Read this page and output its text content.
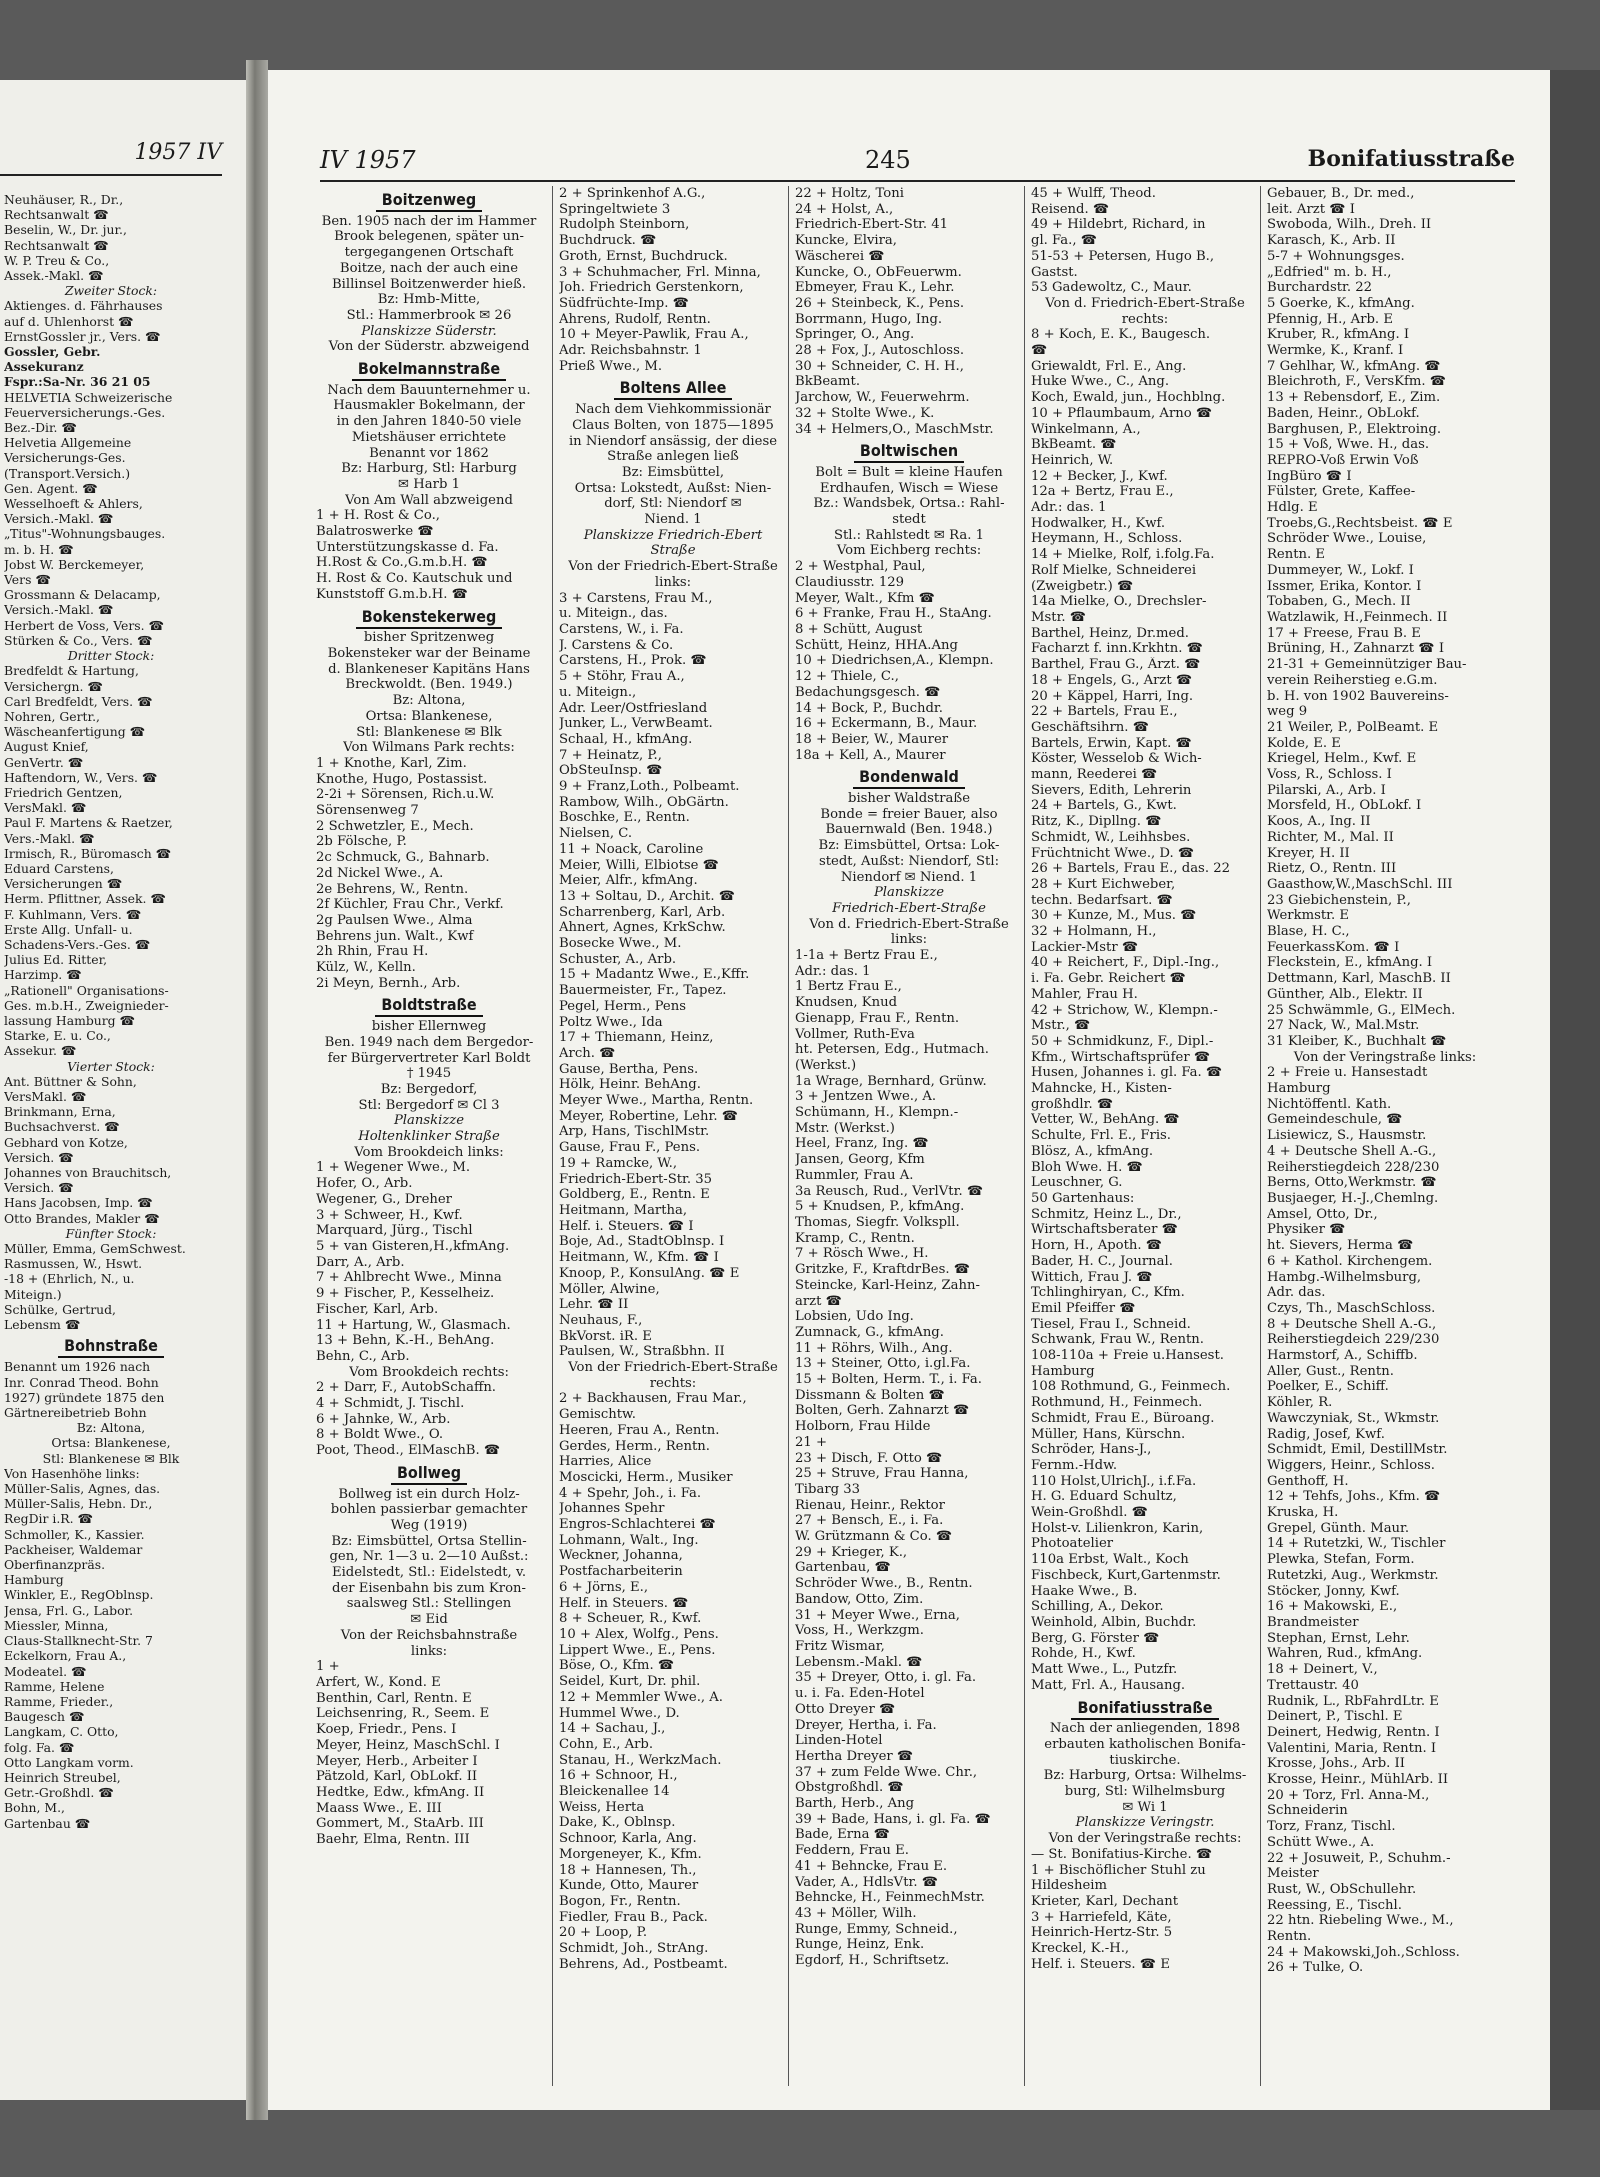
1957 IV
Neuhäuser, R., Dr.,
Rechtsanwalt ☎
Beselin, W., Dr. jur.,
Rechtsanwalt ☎
W. P. Treu & Co.,
Assek.-Makl. ☎
Zweiter Stock:
Aktienges. d. Fährhauses
auf d. Uhlenhorst ☎
ErnstGossler jr., Vers. ☎
Gossler, Gebr.
Assekuranz
Fspr.:Sa-Nr. 36 21 05
HELVETIA Schweizerische
Feuerversicherungs.-Ges.
Bez.-Dir. ☎
Helvetia Allgemeine
Versicherungs-Ges.
(Transport.Versich.)
Gen. Agent. ☎
Wesselhoeft & Ahlers,
Versich.-Makl. ☎
„Titus"-Wohnungsbauges.
m. b. H. ☎
Jobst W. Berckemeyer,
Vers ☎
Grossmann & Delacamp,
Versich.-Makl. ☎
Herbert de Voss, Vers. ☎
Stürken & Co., Vers. ☎
Dritter Stock:
Bredfeldt & Hartung,
Versichergn. ☎
Carl Bredfeldt, Vers. ☎
Nohren, Gertr.,
Wäscheanfertigung ☎
August Knief,
GenVertr. ☎
Haftendorn, W., Vers. ☎
Friedrich Gentzen,
VersMakl. ☎
Paul F. Martens & Raetzer,
Vers.-Makl. ☎
Irmisch, R., Büromasch ☎
Eduard Carstens,
Versicherungen ☎
Herm. Pflittner, Assek. ☎
F. Kuhlmann, Vers. ☎
Erste Allg. Unfall- u.
Schadens-Vers.-Ges. ☎
Julius Ed. Ritter,
Harzimp. ☎
„Rationell" Organisations-
Ges. m.b.H., Zweignieder-
lassung Hamburg ☎
Starke, E. u. Co.,
Assekur. ☎
Vierter Stock:
Ant. Büttner & Sohn,
VersMakl. ☎
Brinkmann, Erna,
Buchsachverst. ☎
Gebhard von Kotze,
Versich. ☎
Johannes von Brauchitsch,
Versich. ☎
Hans Jacobsen, Imp. ☎
Otto Brandes, Makler ☎
Fünfter Stock:
Müller, Emma, GemSchwest.
Rasmussen, W., Hswt.
-18 + (Ehrlich, N., u.
Miteign.)
Schülke, Gertrud,
Lebensm ☎
Bohnstraße
Benannt um 1926 nach
Inr. Conrad Theod. Bohn
1927) gründete 1875 den
Gärtnereibetrieb Bohn
Bz: Altona,
Ortsa: Blankenese,
Stl: Blankenese ✉ Blk
Von Hasenhöhe links:
Müller-Salis, Agnes, das.
Müller-Salis, Hebn. Dr.,
RegDir i.R. ☎
Schmoller, K., Kassier.
Packheiser, Waldemar
Oberfinanzpräs.
Hamburg
Winkler, E., RegOblnsp.
Jensa, Frl. G., Labor.
Miessler, Minna,
Claus-Stallknecht-Str. 7
Eckelkorn, Frau A.,
Modeatel. ☎
Ramme, Helene
Ramme, Frieder.,
Baugesch ☎
Langkam, C. Otto,
folg. Fa. ☎
Otto Langkam vorm.
Heinrich Streubel,
Getr.-Großhdl. ☎
Bohn, M.,
Gartenbau ☎
IV 1957	245	Bonifatiusstraße
Boitzenweg
Ben. 1905 nach der im Hammer
Brook belegenen, später un-
tergegangenen Ortschaft
Boitze, nach der auch eine
Billinsel Boitzenwerder hieß.
Bz: Hmb-Mitte,
Stl.: Hammerbrook ✉ 26
Planskizze Süderstr.
Von der Süderstr. abzweigend
Bokelmannstraße
Nach dem Bauunternehmer u.
Hausmakler Bokelmann, der
in den Jahren 1840-50 viele
Mietshäuser errichtete
Benannt vor 1862
Bz: Harburg, Stl: Harburg
✉ Harb 1
Von Am Wall abzweigend
1 + H. Rost & Co.,
Balatroswerke ☎
Unterstützungskasse d. Fa.
H.Rost & Co.,G.m.b.H. ☎
H. Rost & Co. Kautschuk und
Kunststoff G.m.b.H. ☎
Bokenstekerweg
bisher Spritzenweg
Bokensteker war der Beiname
d. Blankeneser Kapitäns Hans
Breckwoldt. (Ben. 1949.)
Bz: Altona,
Ortsa: Blankenese,
Stl: Blankenese ✉ Blk
Von Wilmans Park rechts:
1 + Knothe, Karl, Zim.
Knothe, Hugo, Postassist.
2-2i + Sörensen, Rich.u.W.
Sörensenweg 7
2 Schwetzler, E., Mech.
2b Fölsche, P.
2c Schmuck, G., Bahnarb.
2d Nickel Wwe., A.
2e Behrens, W., Rentn.
2f Küchler, Frau Chr., Verkf.
2g Paulsen Wwe., Alma
Behrens jun. Walt., Kwf
2h Rhin, Frau H.
Külz, W., Kelln.
2i Meyn, Bernh., Arb.
Boldtstraße
bisher Ellernweg
Ben. 1949 nach dem Bergedor-
fer Bürgervertreter Karl Boldt
† 1945
Bz: Bergedorf,
Stl: Bergedorf ✉ Cl 3
Planskizze
Holtenklinker Straße
Vom Brookdeich links:
1 + Wegener Wwe., M.
Hofer, O., Arb.
Wegener, G., Dreher
3 + Schweer, H., Kwf.
Marquard, Jürg., Tischl
5 + van Gisteren,H.,kfmAng.
Darr, A., Arb.
7 + Ahlbrecht Wwe., Minna
9 + Fischer, P., Kesselheiz.
Fischer, Karl, Arb.
11 + Hartung, W., Glasmach.
13 + Behn, K.-H., BehAng.
Behn, C., Arb.
Vom Brookdeich rechts:
2 + Darr, F., AutobSchaffn.
4 + Schmidt, J. Tischl.
6 + Jahnke, W., Arb.
8 + Boldt Wwe., O.
Poot, Theod., ElMaschB. ☎
Bollweg
Bollweg ist ein durch Holz-
bohlen passierbar gemachter
Weg (1919)
Bz: Eimsbüttel, Ortsa Stellin-
gen, Nr. 1—3 u. 2—10 Außst.:
Eidelstedt, Stl.: Eidelstedt, v.
der Eisenbahn bis zum Kron-
saalsweg Stl.: Stellingen
✉ Eid
Von der Reichsbahnstraße
links:
1 +
Arfert, W., Kond. E
Benthin, Carl, Rentn. E
Leichsenring, R., Seem. E
Koep, Friedr., Pens. I
Meyer, Heinz, MaschSchl. I
Meyer, Herb., Arbeiter I
Pätzold, Karl, ObLokf. II
Hedtke, Edw., kfmAng. II
Maass Wwe., E. III
Gommert, M., StaArb. III
Baehr, Elma, Rentn. III
2 + Sprinkenhof A.G.,
Springeltwiete 3
Rudolph Steinborn,
Buchdruck. ☎
Groth, Ernst, Buchdruck.
3 + Schuhmacher, Frl. Minna,
Joh. Friedrich Gerstenkorn,
Südfrüchte-Imp. ☎
Ahrens, Rudolf, Rentn.
10 + Meyer-Pawlik, Frau A.,
Adr. Reichsbahnstr. 1
Prieß Wwe., M.
Boltens Allee
Nach dem Viehkommissionär
Claus Bolten, von 1875—1895
in Niendorf ansässig, der diese
Straße anlegen ließ
Bz: Eimsbüttel,
Ortsa: Lokstedt, Außst: Nien-
dorf, Stl: Niendorf ✉
Niend. 1
Planskizze Friedrich-Ebert
Straße
Von der Friedrich-Ebert-Straße
links:
3 + Carstens, Frau M.,
u. Miteign., das.
Carstens, W., i. Fa.
J. Carstens & Co.
Carstens, H., Prok. ☎
5 + Stöhr, Frau A.,
u. Miteign.,
Adr. Leer/Ostfriesland
Junker, L., VerwBeamt.
Schaal, H., kfmAng.
7 + Heinatz, P.,
ObSteuInsp. ☎
9 + Franz,Loth., Polbeamt.
Rambow, Wilh., ObGärtn.
Boschke, E., Rentn.
Nielsen, C.
11 + Noack, Caroline
Meier, Willi, Elbiotse ☎
Meier, Alfr., kfmAng.
13 + Soltau, D., Archit. ☎
Scharrenberg, Karl, Arb.
Ahnert, Agnes, KrkSchw.
Bosecke Wwe., M.
Schuster, A., Arb.
15 + Madantz Wwe., E.,Kffr.
Bauermeister, Fr., Tapez.
Pegel, Herm., Pens
Poltz Wwe., Ida
17 + Thiemann, Heinz,
Arch. ☎
Gause, Bertha, Pens.
Hölk, Heinr. BehAng.
Meyer Wwe., Martha, Rentn.
Meyer, Robertine, Lehr. ☎
Arp, Hans, TischlMstr.
Gause, Frau F., Pens.
19 + Ramcke, W.,
Friedrich-Ebert-Str. 35
Goldberg, E., Rentn. E
Heitmann, Martha,
Helf. i. Steuers. ☎ I
Boje, Ad., StadtOblnsp. I
Heitmann, W., Kfm. ☎ I
Knoop, P., KonsulAng. ☎ E
Möller, Alwine,
Lehr. ☎ II
Neuhaus, F.,
BkVorst. iR. E
Paulsen, W., Straßbhn. II
Von der Friedrich-Ebert-Straße
rechts:
2 + Backhausen, Frau Mar.,
Gemischtw.
Heeren, Frau A., Rentn.
Gerdes, Herm., Rentn.
Harries, Alice
Moscicki, Herm., Musiker
4 + Spehr, Joh., i. Fa.
Johannes Spehr
Engros-Schlachterei ☎
Lohmann, Walt., Ing.
Weckner, Johanna,
Postfacharbeiterin
6 + Jörns, E.,
Helf. in Steuers. ☎
8 + Scheuer, R., Kwf.
10 + Alex, Wolfg., Pens.
Lippert Wwe., E., Pens.
Böse, O., Kfm. ☎
Seidel, Kurt, Dr. phil.
12 + Memmler Wwe., A.
Hummel Wwe., D.
14 + Sachau, J.,
Cohn, E., Arb.
Stanau, H., WerkzMach.
16 + Schnoor, H.,
Bleickenallee 14
Weiss, Herta
Dake, K., Oblnsp.
Schnoor, Karla, Ang.
Morgeneyer, K., Kfm.
18 + Hannesen, Th.,
Kunde, Otto, Maurer
Bogon, Fr., Rentn.
Fiedler, Frau B., Pack.
20 + Loop, P.
Schmidt, Joh., StrAng.
Behrens, Ad., Postbeamt.
22 + Holtz, Toni
24 + Holst, A.,
Friedrich-Ebert-Str. 41
Kuncke, Elvira,
Wäscherei ☎
Kuncke, O., ObFeuerwm.
Ebmeyer, Frau K., Lehr.
26 + Steinbeck, K., Pens.
Borrmann, Hugo, Ing.
Springer, O., Ang.
28 + Fox, J., Autoschloss.
30 + Schneider, C. H. H.,
BkBeamt.
Jarchow, W., Feuerwehrm.
32 + Stolte Wwe., K.
34 + Helmers,O., MaschMstr.
Boltwischen
Bolt = Bult = kleine Haufen
Erdhaufen, Wisch = Wiese
Bz.: Wandsbek, Ortsa.: Rahl-
stedt
Stl.: Rahlstedt ✉ Ra. 1
Vom Eichberg rechts:
2 + Westphal, Paul,
Claudiusstr. 129
Meyer, Walt., Kfm ☎
6 + Franke, Frau H., StaAng.
8 + Schütt, August
Schütt, Heinz, HHA.Ang
10 + Diedrichsen,A., Klempn.
12 + Thiele, C.,
Bedachungsgesch. ☎
14 + Bock, P., Buchdr.
16 + Eckermann, B., Maur.
18 + Beier, W., Maurer
18a + Kell, A., Maurer
Bondenwald
bisher Waldstraße
Bonde = freier Bauer, also
Bauernwald (Ben. 1948.)
Bz: Eimsbüttel, Ortsa: Lok-
stedt, Außst: Niendorf, Stl:
Niendorf ✉ Niend. 1
Planskizze
Friedrich-Ebert-Straße
Von d. Friedrich-Ebert-Straße
links:
1-1a + Bertz Frau E.,
Adr.: das. 1
1 Bertz Frau E.,
Knudsen, Knud
Gienapp, Frau F., Rentn.
Vollmer, Ruth-Eva
ht. Petersen, Edg., Hutmach.
(Werkst.)
1a Wrage, Bernhard, Grünw.
3 + Jentzen Wwe., A.
Schümann, H., Klempn.-
Mstr. (Werkst.)
Heel, Franz, Ing. ☎
Jansen, Georg, Kfm
Rummler, Frau A.
3a Reusch, Rud., VerlVtr. ☎
5 + Knudsen, P., kfmAng.
Thomas, Siegfr. Volkspll.
Kramp, C., Rentn.
7 + Rösch Wwe., H.
Gritzke, F., KraftdrBes. ☎
Steincke, Karl-Heinz, Zahn-
arzt ☎
Lobsien, Udo Ing.
Zumnack, G., kfmAng.
11 + Röhrs, Wilh., Ang.
13 + Steiner, Otto, i.gl.Fa.
15 + Bolten, Herm. T., i. Fa.
Dissmann & Bolten ☎
Bolten, Gerh. Zahnarzt ☎
Holborn, Frau Hilde
21 +
23 + Disch, F. Otto ☎
25 + Struve, Frau Hanna,
Tibarg 33
Rienau, Heinr., Rektor
27 + Bensch, E., i. Fa.
W. Grützmann & Co. ☎
29 + Krieger, K.,
Gartenbau, ☎
Schröder Wwe., B., Rentn.
Bandow, Otto, Zim.
31 + Meyer Wwe., Erna,
Voss, H., Werkzgm.
Fritz Wismar,
Lebensm.-Makl. ☎
35 + Dreyer, Otto, i. gl. Fa.
u. i. Fa. Eden-Hotel
Otto Dreyer ☎
Dreyer, Hertha, i. Fa.
Linden-Hotel
Hertha Dreyer ☎
37 + zum Felde Wwe. Chr.,
Obstgroßhdl. ☎
Barth, Herb., Ang
39 + Bade, Hans, i. gl. Fa. ☎
Bade, Erna ☎
Feddern, Frau E.
41 + Behncke, Frau E.
Vader, A., HdlsVtr. ☎
Behncke, H., FeinmechMstr.
43 + Möller, Wilh.
Runge, Emmy, Schneid.,
Runge, Heinz, Enk.
Egdorf, H., Schriftsetz.
45 + Wulff, Theod.
Reisend. ☎
49 + Hildebrt, Richard, in
gl. Fa., ☎
51-53 + Petersen, Hugo B.,
Gastst.
53 Gadewoltz, C., Maur.
Von d. Friedrich-Ebert-Straße
rechts:
8 + Koch, E. K., Baugesch.
☎
Griewaldt, Frl. E., Ang.
Huke Wwe., C., Ang.
Koch, Ewald, jun., Hochblng.
10 + Pflaumbaum, Arno ☎
Winkelmann, A.,
BkBeamt. ☎
Heinrich, W.
12 + Becker, J., Kwf.
12a + Bertz, Frau E.,
Adr.: das. 1
Hodwalker, H., Kwf.
Heymann, H., Schloss.
14 + Mielke, Rolf, i.folg.Fa.
Rolf Mielke, Schneiderei
(Zweigbetr.) ☎
14a Mielke, O., Drechsler-
Mstr. ☎
Barthel, Heinz, Dr.med.
Facharzt f. inn.Krkhtn. ☎
Barthel, Frau G., Ärzt. ☎
18 + Engels, G., Arzt ☎
20 + Käppel, Harri, Ing.
22 + Bartels, Frau E.,
Geschäftsihrn. ☎
Bartels, Erwin, Kapt. ☎
Köster, Wesselob & Wich-
mann, Reederei ☎
Sievers, Edith, Lehrerin
24 + Bartels, G., Kwt.
Ritz, K., Dipllng. ☎
Schmidt, W., Leihhsbes.
Früchtnicht Wwe., D. ☎
26 + Bartels, Frau E., das. 22
28 + Kurt Eichweber,
techn. Bedarfsart. ☎
30 + Kunze, M., Mus. ☎
32 + Holmann, H.,
Lackier-Mstr ☎
40 + Reichert, F., Dipl.-Ing.,
i. Fa. Gebr. Reichert ☎
Mahler, Frau H.
42 + Strichow, W., Klempn.-
Mstr., ☎
50 + Schmidkunz, F., Dipl.-
Kfm., Wirtschaftsprüfer ☎
Husen, Johannes i. gl. Fa. ☎
Mahncke, H., Kisten-
großhdlr. ☎
Vetter, W., BehAng. ☎
Schulte, Frl. E., Fris.
Blösz, A., kfmAng.
Bloh Wwe. H. ☎
Leuschner, G.
50 Gartenhaus:
Schmitz, Heinz L., Dr.,
Wirtschaftsberater ☎
Horn, H., Apoth. ☎
Bader, H. C., Journal.
Wittich, Frau J. ☎
Tchlinghiryan, C., Kfm.
Emil Pfeiffer ☎
Tiesel, Frau I., Schneid.
Schwank, Frau W., Rentn.
108-110a + Freie u.Hansest.
Hamburg
108 Rothmund, G., Feinmech.
Rothmund, H., Feinmech.
Schmidt, Frau E., Büroang.
Müller, Hans, Kürschn.
Schröder, Hans-J.,
Fernm.-Hdw.
110 Holst,UlrichJ., i.f.Fa.
H. G. Eduard Schultz,
Wein-Großhdl. ☎
Holst-v. Lilienkron, Karin,
Photoatelier
110a Erbst, Walt., Koch
Fischbeck, Kurt,Gartenmstr.
Haake Wwe., B.
Schilling, A., Dekor.
Weinhold, Albin, Buchdr.
Berg, G. Förster ☎
Rohde, H., Kwf.
Matt Wwe., L., Putzfr.
Matt, Frl. A., Hausang.
Bonifatiusstraße
Nach der anliegenden, 1898
erbauten katholischen Bonifa-
tiuskirche.
Bz: Harburg, Ortsa: Wilhelms-
burg, Stl: Wilhelmsburg
✉ Wi 1
Planskizze Veringstr.
Von der Veringstraße rechts:
— St. Bonifatius-Kirche. ☎
1 + Bischöflicher Stuhl zu
Hildesheim
Krieter, Karl, Dechant
3 + Harriefeld, Käte,
Heinrich-Hertz-Str. 5
Kreckel, K.-H.,
Helf. i. Steuers. ☎ E
Gebauer, B., Dr. med.,
leit. Arzt ☎ I
Swoboda, Wilh., Dreh. II
Karasch, K., Arb. II
5-7 + Wohnungsges.
„Edfried" m. b. H.,
Burchardstr. 22
5 Goerke, K., kfmAng.
Pfennig, H., Arb. E
Kruber, R., kfmAng. I
Wermke, K., Kranf. I
7 Gehlhar, W., kfmAng. ☎
Bleichroth, F., VersKfm. ☎
13 + Rebensdorf, E., Zim.
Baden, Heinr., ObLokf.
Barghusen, P., Elektroing.
15 + Voß, Wwe. H., das.
REPRO-Voß Erwin Voß
IngBüro ☎ I
Fülster, Grete, Kaffee-
Hdlg. E
Troebs,G.,Rechtsbeist. ☎ E
Schröder Wwe., Louise,
Rentn. E
Dummeyer, W., Lokf. I
Issmer, Erika, Kontor. I
Tobaben, G., Mech. II
Watzlawik, H.,Feinmech. II
17 + Freese, Frau B. E
Brüning, H., Zahnarzt ☎ I
21-31 + Gemeinnütziger Bau-
verein Reiherstieg e.G.m.
b. H. von 1902 Bauvereins-
weg 9
21 Weiler, P., PolBeamt. E
Kolde, E. E
Kriegel, Helm., Kwf. E
Voss, R., Schloss. I
Pilarski, A., Arb. I
Morsfeld, H., ObLokf. I
Koos, A., Ing. II
Richter, M., Mal. II
Kreyer, H. II
Rietz, O., Rentn. III
Gaasthow,W.,MaschSchl. III
23 Giebichenstein, P.,
Werkmstr. E
Blase, H. C.,
FeuerkassKom. ☎ I
Fleckstein, E., kfmAng. I
Dettmann, Karl, MaschB. II
Günther, Alb., Elektr. II
25 Schwämmle, G., ElMech.
27 Nack, W., Mal.Mstr.
31 Kleiber, K., Buchhalt ☎
Von der Veringstraße links:
2 + Freie u. Hansestadt
Hamburg
Nichtöffentl. Kath.
Gemeindeschule, ☎
Lisiewicz, S., Hausmstr.
4 + Deutsche Shell A.-G.,
Reiherstiegdeich 228/230
Berns, Otto,Werkmstr. ☎
Busjaeger, H.-J.,Chemlng.
Amsel, Otto, Dr.,
Physiker ☎
ht. Sievers, Herma ☎
6 + Kathol. Kirchengem.
Hambg.-Wilhelmsburg,
Adr. das.
Czys, Th., MaschSchloss.
8 + Deutsche Shell A.-G.,
Reiherstiegdeich 229/230
Harmstorf, A., Schiffb.
Aller, Gust., Rentn.
Poelker, E., Schiff.
Köhler, R.
Wawczyniak, St., Wkmstr.
Radig, Josef, Kwf.
Schmidt, Emil, DestillMstr.
Wiggers, Heinr., Schloss.
Genthoff, H.
12 + Tehfs, Johs., Kfm. ☎
Kruska, H.
Grepel, Günth. Maur.
14 + Rutetzki, W., Tischler
Plewka, Stefan, Form.
Rutetzki, Aug., Werkmstr.
Stöcker, Jonny, Kwf.
16 + Makowski, E.,
Brandmeister
Stephan, Ernst, Lehr.
Wahren, Rud., kfmAng.
18 + Deinert, V.,
Trettaustr. 40
Rudnik, L., RbFahrdLtr. E
Deinert, P., Tischl. E
Deinert, Hedwig, Rentn. I
Valentini, Maria, Rentn. I
Krosse, Johs., Arb. II
Krosse, Heinr., MühlArb. II
20 + Torz, Frl. Anna-M.,
Schneiderin
Torz, Franz, Tischl.
Schütt Wwe., A.
22 + Josuweit, P., Schuhm.-
Meister
Rust, W., ObSchullehr.
Reessing, E., Tischl.
22 htn. Riebeling Wwe., M.,
Rentn.
24 + Makowski,Joh.,Schloss.
26 + Tulke, O.
